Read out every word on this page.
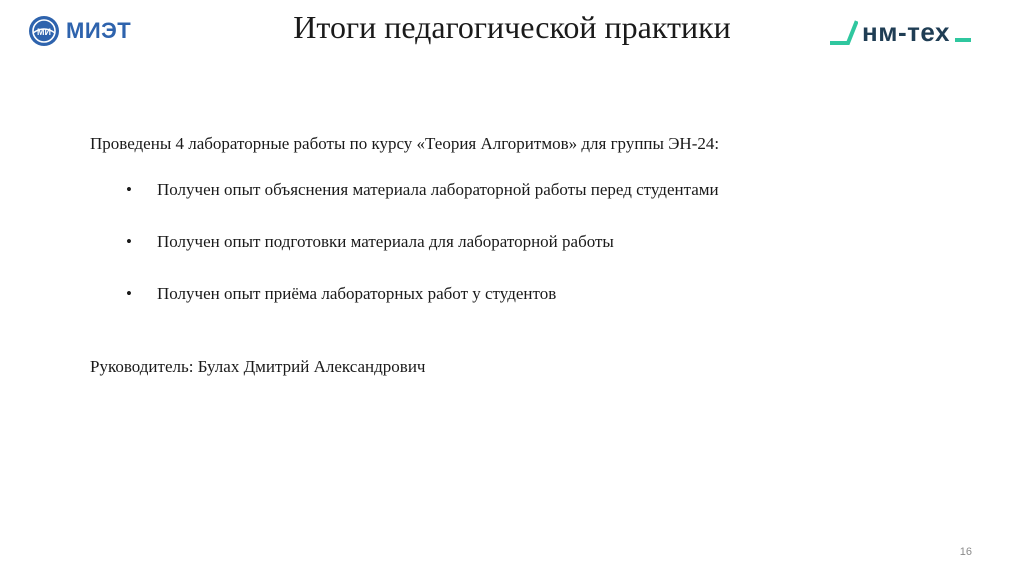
МИ МИЭТ	Итоги педагогической практики	нм-тех

Проведены 4 лабораторные работы по курсу «Теория Алгоритмов» для группы ЭН-24:

• Получен опыт объяснения материала лабораторной работы перед студентами
• Получен опыт подготовки материала для лабораторной работы
• Получен опыт приёма лабораторных работ у студентов

Руководитель: Булах Дмитрий Александрович

16
